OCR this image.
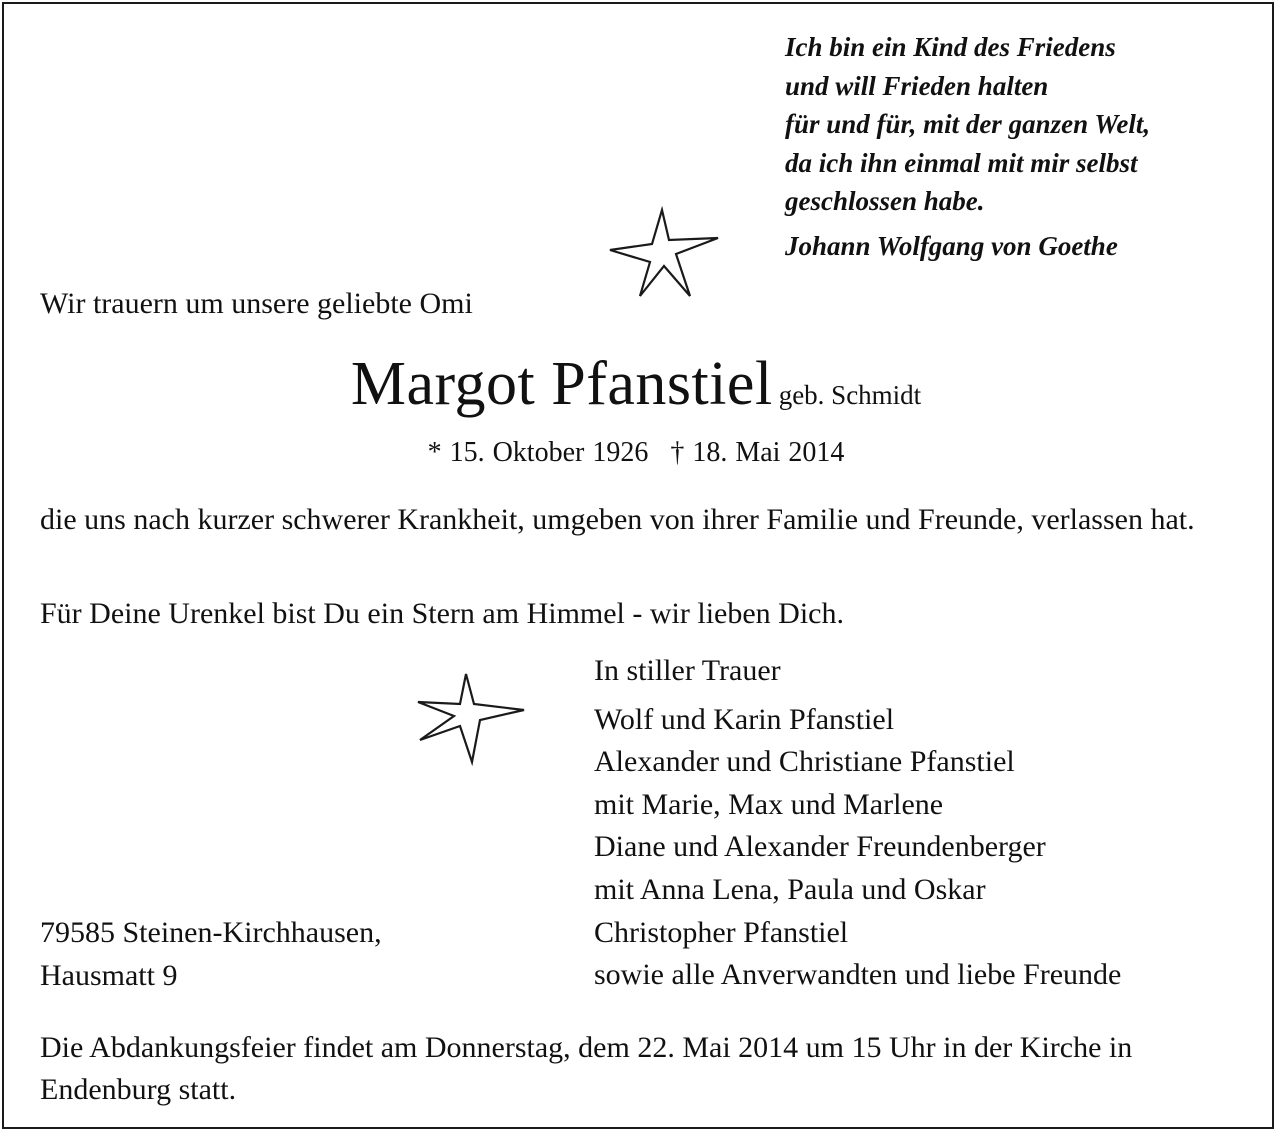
Ich bin ein Kind des Friedens
und will Frieden halten
für und für, mit der ganzen Welt,
da ich ihn einmal mit mir selbst
geschlossen habe.
Johann Wolfgang von Goethe
Wir trauern um unsere geliebte Omi
Margot Pfanstiel geb. Schmidt
* 15. Oktober 1926 † 18. Mai 2014
die uns nach kurzer schwerer Krankheit, umgeben von ihrer Familie und Freunde, verlassen hat.
Für Deine Urenkel bist Du ein Stern am Himmel - wir lieben Dich.
In stiller Trauer
Wolf und Karin Pfanstiel
Alexander und Christiane Pfanstiel
mit Marie, Max und Marlene
Diane und Alexander Freundenberger
mit Anna Lena, Paula und Oskar
Christopher Pfanstiel
sowie alle Anverwandten und liebe Freunde
79585 Steinen-Kirchhausen,
Hausmatt 9
Die Abdankungsfeier findet am Donnerstag, dem 22. Mai 2014 um 15 Uhr in der Kirche in Endenburg statt.
